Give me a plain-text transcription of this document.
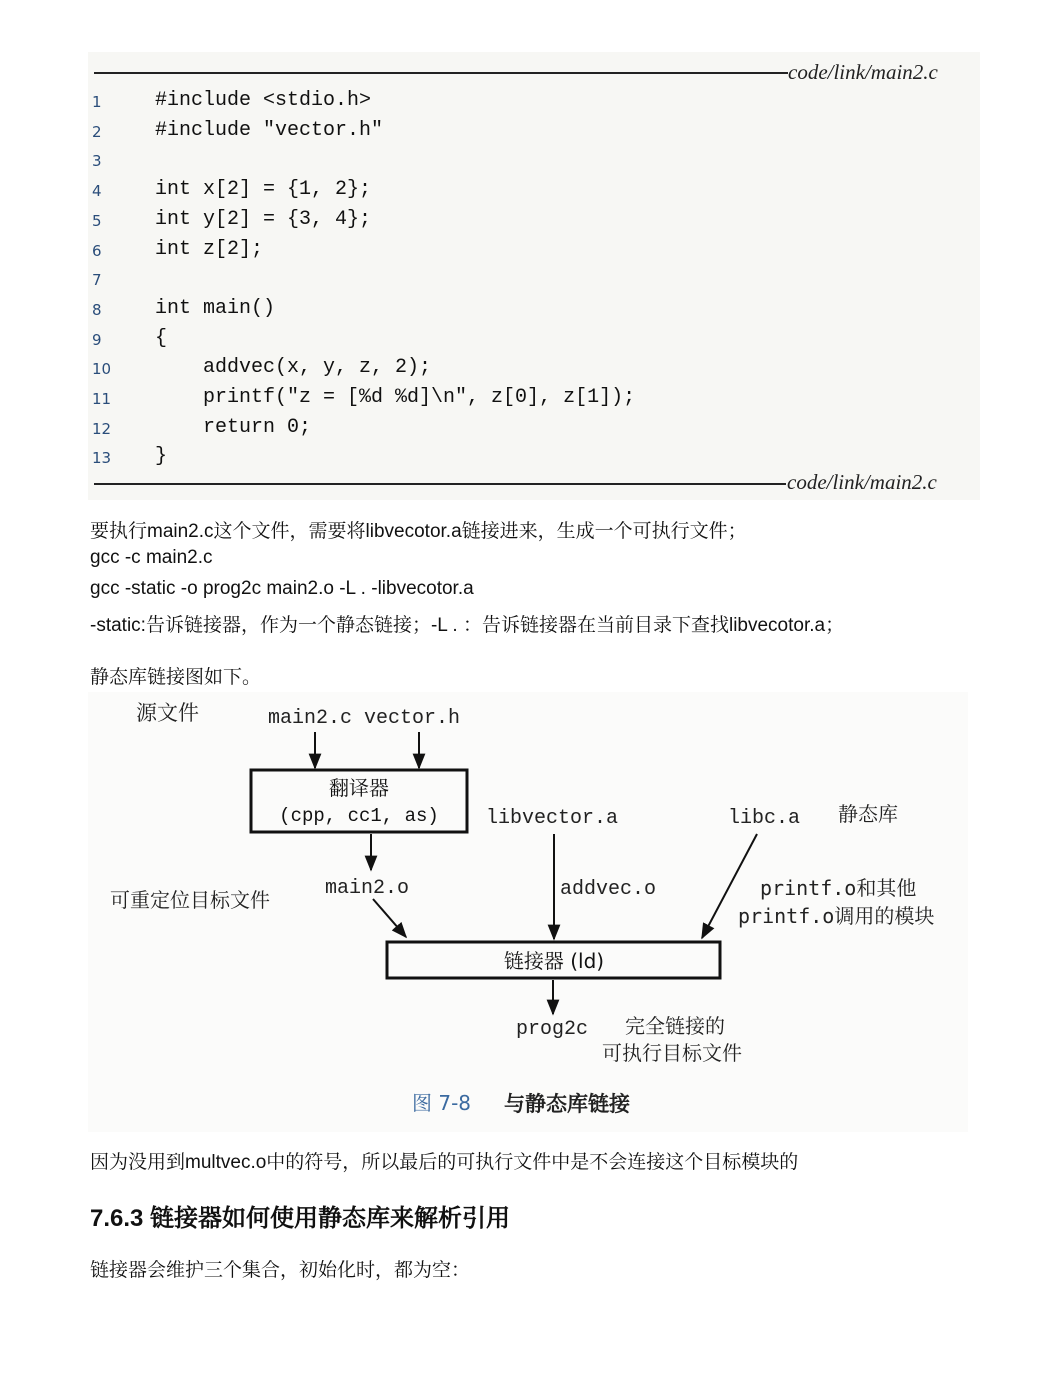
code/link/main2.c
1	#include <stdio.h>
2	#include "vector.h"
3
4	int x[2] = {1, 2};
5	int y[2] = {3, 4};
6	int z[2];
7
8	int main()
9	{
10	addvec(x, y, z, 2);
11	printf("z = [%d %d]\n", z[0], z[1]);
12	return 0;
13	}
code/link/main2.c
要执行main2.c这个文件，需要将libvecotor.a链接进来，生成一个可执行文件；
gcc -c main2.c
gcc -static -o prog2c main2.o -L . -libvecotor.a
-static:告诉链接器，作为一个静态链接；-L . ：告诉链接器在当前目录下查找libvecotor.a；
静态库链接图如下。
源文件	main2.c vector.h
翻译器
(cpp, cc1, as) libvector.a	libc.a 静态库
可重定位目标文件	main2.o	addvec.o	printf.o和其他
printf.o调用的模块
链接器 (ld)
prog2c 完全链接的
可执行目标文件
图 7-8 与静态库链接
因为没用到multvec.o中的符号，所以最后的可执行文件中是不会连接这个目标模块的
7.6.3 链接器如何使用静态库来解析引用
链接器会维护三个集合，初始化时，都为空：
